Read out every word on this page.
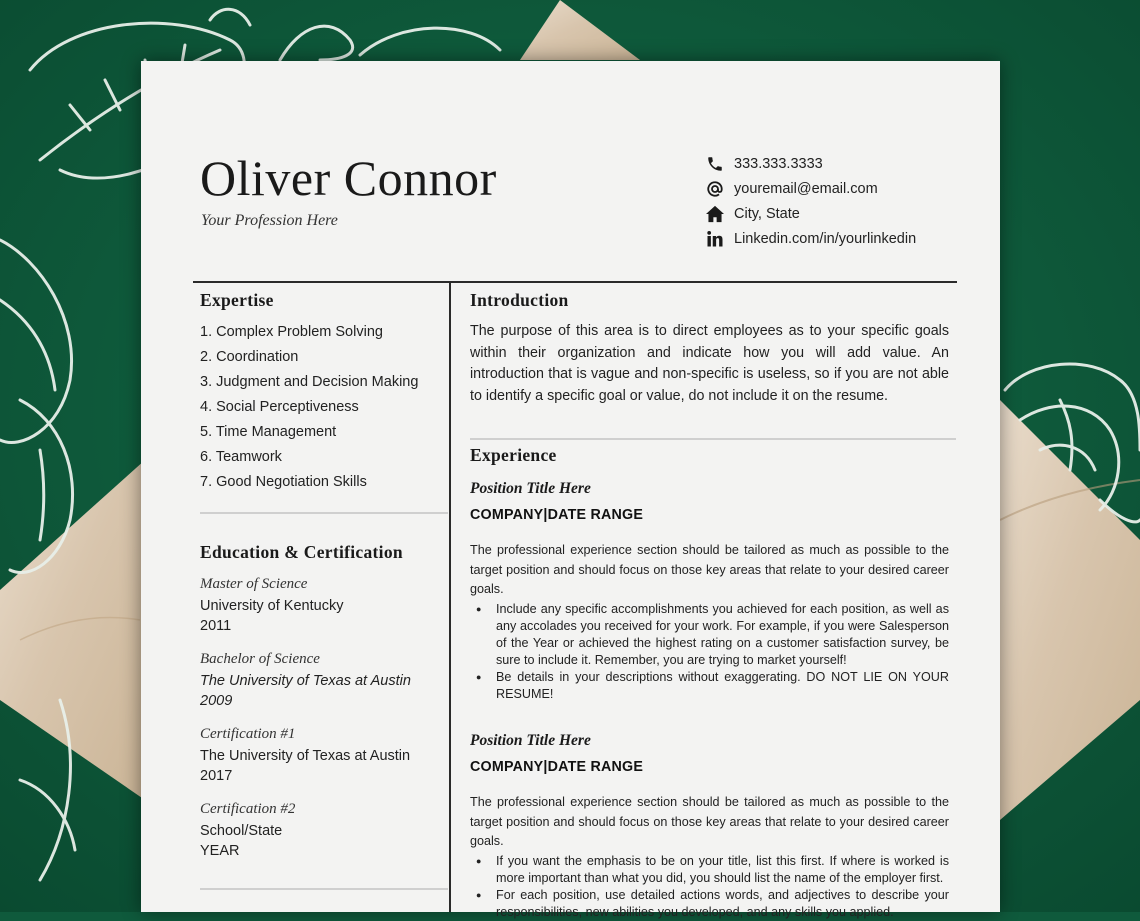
Oliver Connor
Your Profession Here
333.333.3333
youremail@email.com
City, State
Linkedin.com/in/yourlinkedin
Expertise
1. Complex Problem Solving
2. Coordination
3. Judgment and Decision Making
4. Social Perceptiveness
5. Time Management
6. Teamwork
7. Good Negotiation Skills
Education & Certification
Master of Science
University of Kentucky
2011
Bachelor of Science
The University of Texas at Austin
2009
Certification #1
The University of Texas at Austin
2017
Certification #2
School/State
YEAR
Introduction

The purpose of this area is to direct employees as to your specific goals within their organization and indicate how you will add value. An introduction that is vague and non-specific is useless, so if you are not able to identify a specific goal or value, do not include it on the resume.

Experience
Position Title Here
COMPANY|DATE RANGE

The professional experience section should be tailored as much as possible to the target position and should focus on those key areas that relate to your desired career goals.

● Include any specific accomplishments you achieved for each position, as well as any accolades you received for your work. For example, if you were Salesperson of the Year or achieved the highest rating on a customer satisfaction survey, be sure to include it. Remember, you are trying to market yourself!
● Be details in your descriptions without exaggerating. DO NOT LIE ON YOUR RESUME!
Position Title Here
COMPANY|DATE RANGE

The professional experience section should be tailored as much as possible to the target position and should focus on those key areas that relate to your desired career goals.

● If you want the emphasis to be on your title, list this first. If where is worked is more important than what you did, you should list the name of the employer first.
● For each position, use detailed actions words, and adjectives to describe your responsibilities, new abilities you developed, and any skills you applied.
